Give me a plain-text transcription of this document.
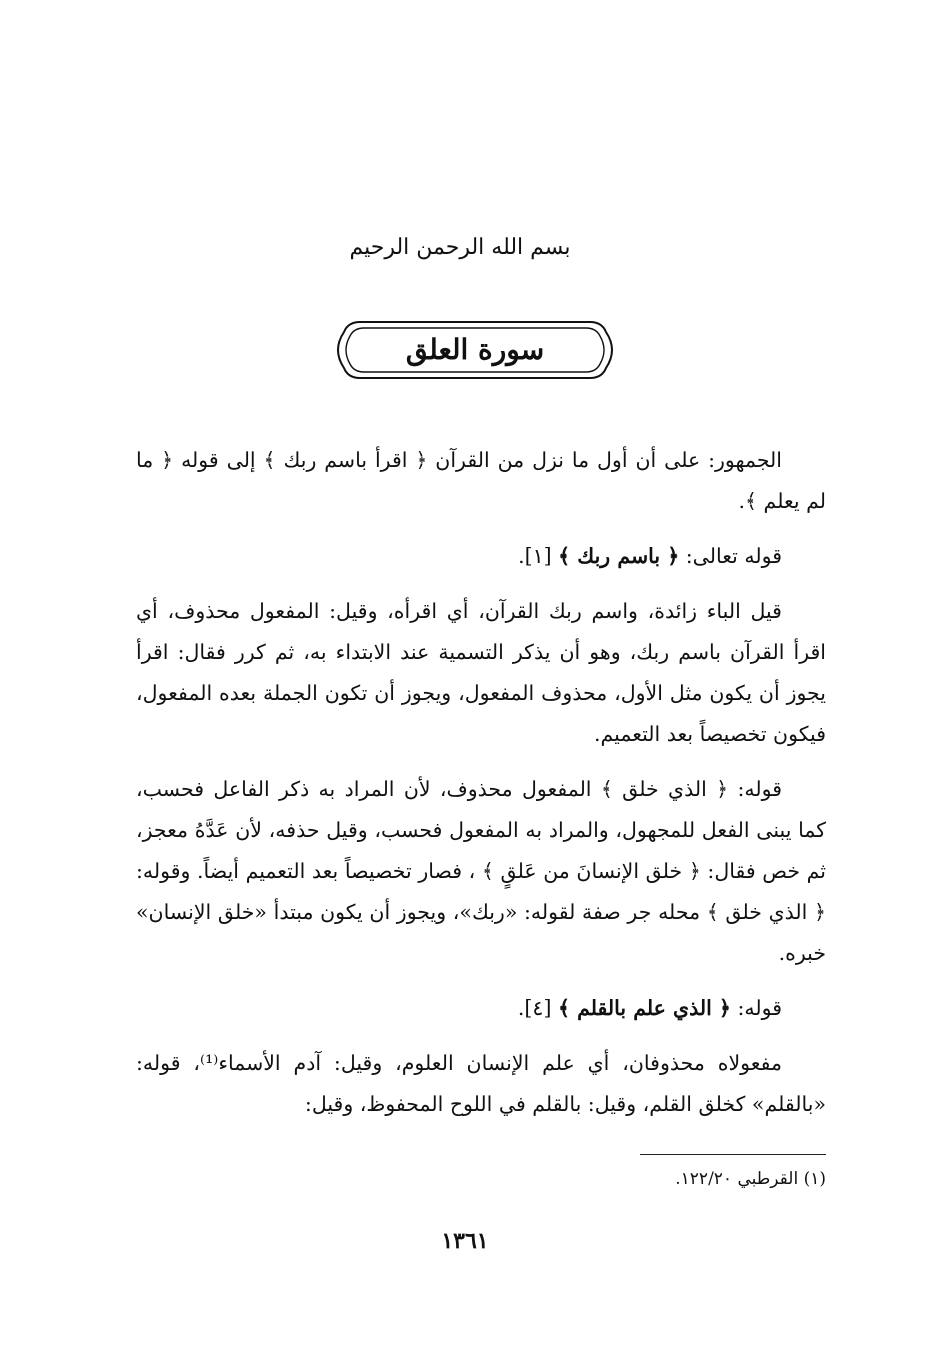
بسم الله الرحمن الرحيم
سورة العلق

الجمهور: على أن أول ما نزل من القرآن ﴿ اقرأ باسم ربك ﴾ إلى قوله ﴿ ما لم يعلم ﴾.

قوله تعالى: ﴿ باسم ربك ﴾ [١].

قيل الباء زائدة، واسم ربك القرآن، أي اقرأه، وقيل: المفعول محذوف، أي اقرأ القرآن باسم ربك، وهو أن يذكر التسمية عند الابتداء به، ثم كرر فقال: اقرأ يجوز أن يكون مثل الأول، محذوف المفعول، ويجوز أن تكون الجملة بعده المفعول، فيكون تخصيصاً بعد التعميم.

قوله: ﴿ الذي خلق ﴾ المفعول محذوف، لأن المراد به ذكر الفاعل فحسب، كما يبنى الفعل للمجهول، والمراد به المفعول فحسب، وقيل حذفه، لأن عَدَّهُ معجز، ثم خص فقال: ﴿ خلق الإنسانَ من عَلقٍ ﴾ ، فصار تخصيصاً بعد التعميم أيضاً. وقوله: ﴿ الذي خلق ﴾ محله جر صفة لقوله: «ربك»، ويجوز أن يكون مبتدأ «خلق الإنسان» خبره.

قوله: ﴿ الذي علم بالقلم ﴾ [٤].

مفعولاه محذوفان، أي علم الإنسان العلوم، وقيل: آدم الأسماء⁽¹⁾، قوله: «بالقلم» كخلق القلم، وقيل: بالقلم في اللوح المحفوظ، وقيل:

(١) القرطبي ١٢٢/٢٠.
١٣٦١
